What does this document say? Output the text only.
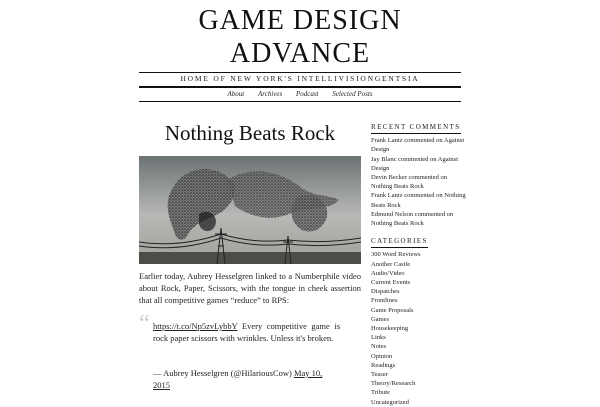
GAME DESIGN
ADVANCE
HOME OF NEW YORK'S INTELLIVISIONGENTSIA
About Archives Podcast Selected Posts
Nothing Beats Rock
Earlier today, Aubrey Hesselgren linked to a Numberphile video about Rock, Paper, Scissors, with the tongue in cheek assertion that all competitive games “reduce” to RPS:
“ https://t.co/Np5zvLybbY Every competitive game is rock paper scissors with wrinkles. Unless it's broken.
— Aubrey Hesselgren (@HilariousCow) May 10, 2015
RECENT COMMENTS
Frank Lantz commented on Against Design
Jay Blanc commented on Against Design
Devin Becker commented on Nothing Beats Rock
Frank Lantz commented on Nothing Beats Rock
Edmund Nelson commented on Nothing Beats Rock
CATEGORIES
300 Word Reviews
Another Castle
Audio/Video
Current Events
Dispatches
Frontlines
Game Proposals
Games
Housekeeping
Links
Notes
Opinion
Readings
Teaser
Theory/Research
Tribute
Uncategorized
